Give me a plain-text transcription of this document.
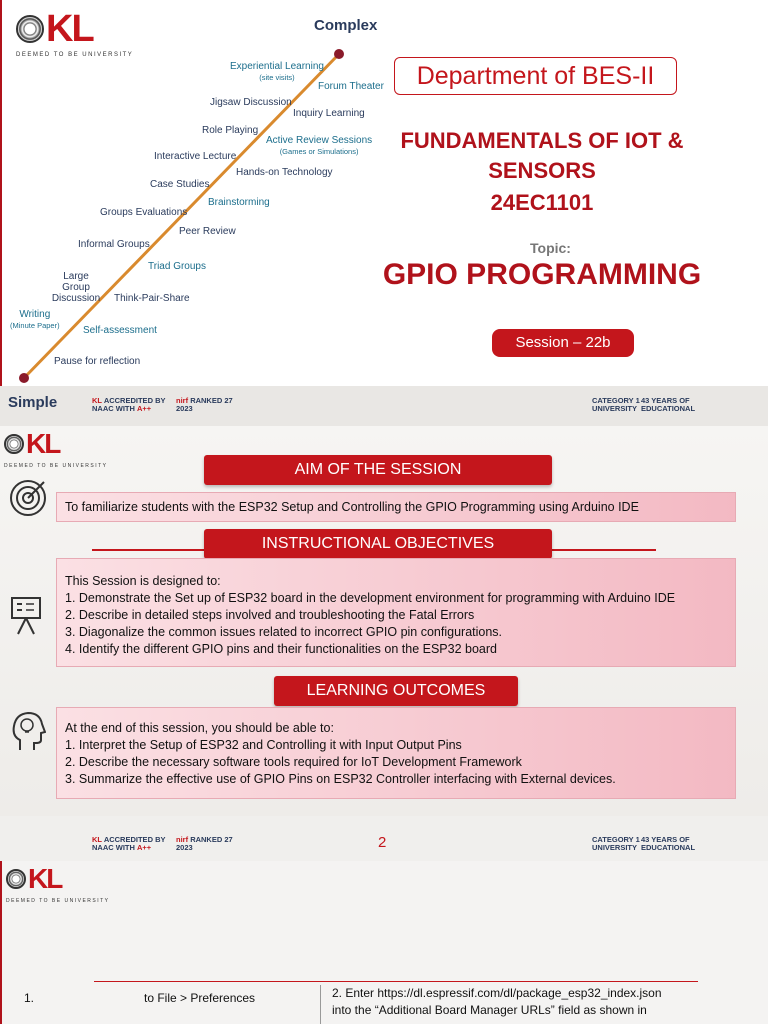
KL
DEEMED TO BE UNIVERSITY
Complex
Experiential Learning
(site visits)
Jigsaw Discussion
Role Playing
Interactive Lecture
Case Studies
Groups Evaluations
Informal Groups
Large Group Discussion
Writing
(Minute Paper)
Forum Theater
Inquiry Learning
Active Review Sessions
(Games or Simulations)
Hands-on Technology
Brainstorming
Peer Review
Triad Groups
Think-Pair-Share
Self-assessment
Pause for reflection
Department of BES-II
FUNDAMENTALS OF IOT &
SENSORS
24EC1101
Topic:
GPIO PROGRAMMING
Session – 22b
Simple	KL ACCREDITED BY
NAAC WITH A++
nirf RANKED 27
2023
CATEGORY 1
UNIVERSITY
43 YEARS OF
EDUCATIONAL
KL
DEEMED TO BE UNIVERSITY	AIM OF THE SESSION
To familiarize students with the ESP32 Setup and Controlling the GPIO Programming using Arduino IDE
INSTRUCTIONAL OBJECTIVES
This Session is designed to:
1. Demonstrate the Set up of ESP32 board in the development environment for programming with Arduino IDE
2. Describe in detailed steps involved and troubleshooting the Fatal Errors
3. Diagonalize the common issues related to incorrect GPIO pin configurations.
4. Identify the different GPIO pins and their functionalities on the ESP32 board
LEARNING OUTCOMES
At the end of this session, you should be able to:
1. Interpret the Setup of ESP32 and Controlling it with Input Output Pins
2. Describe the necessary software tools required for IoT Development Framework
3. Summarize the effective use of GPIO Pins on ESP32 Controller interfacing with External devices.
KL ACCREDITED BY
NAAC WITH A++
nirf RANKED 27
2023	2	CATEGORY 1
UNIVERSITY
43 YEARS OF
EDUCATIONAL
KL
DEEMED TO BE UNIVERSITY
1.	to File > Preferences	2. Enter https://dl.espressif.com/dl/package_esp32_index.json
into the “Additional Board Manager URLs” field as shown in
